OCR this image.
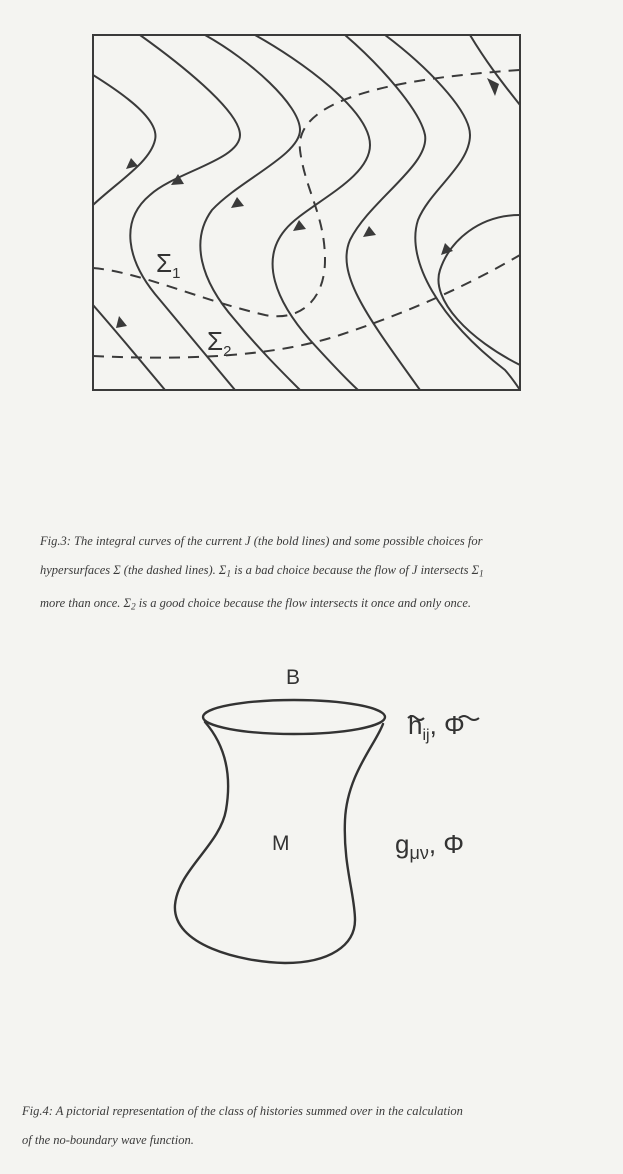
$\Sigma_1$
$\Sigma_2$
Fig.3: The integral curves of the current J (the bold lines) and some possible choices for
hypersurfaces Σ (the dashed lines). $\Sigma_1$ is a bad choice because the flow of J intersects $\Sigma_1$
more than once. $\Sigma_2$ is a good choice because the flow intersects it once and only once.
B
M
$h_{ij}$, Φ
$g_{\mu\nu}$, Φ
Fig.4: A pictorial representation of the class of histories summed over in the calculation
of the no-boundary wave function.
